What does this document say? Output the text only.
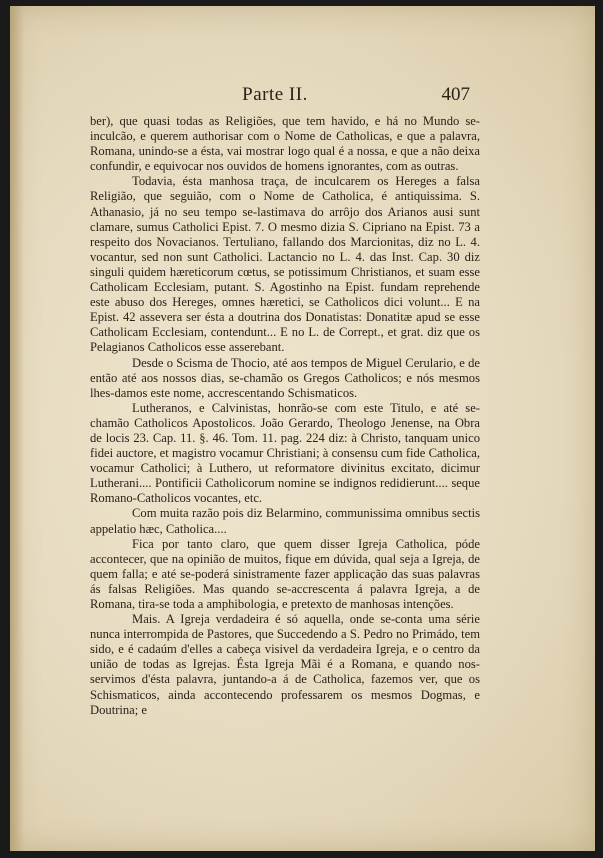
Parte II.	407

ber), que quasi todas as Religiões, que tem havido, e há no Mundo se-inculcão, e querem authorisar com o Nome de Catholicas, e que a palavra, Romana, unindo-se a ésta, vai mostrar logo qual é a nossa, e que a não deixa confundir, e equivocar nos ouvidos de homens ignorantes, com as outras.

Todavia, ésta manhosa traça, de inculcarem os Hereges a falsa Religião, que seguião, com o Nome de Catholica, é antiquissima. S. Athanasio, já no seu tempo se-lastimava do arrôjo dos Arianos ausi sunt clamare, sumus Catholici Epist. 7. O mesmo dizia S. Cipriano na Epist. 73 a respeito dos Novacianos. Tertuliano, fallando dos Marcionitas, diz no L. 4. vocantur, sed non sunt Catholici. Lactancio no L. 4. das Inst. Cap. 30 diz singuli quidem hæreticorum cœtus, se potissimum Christianos, et suam esse Catholicam Ecclesiam, putant. S. Agostinho na Epist. fundam reprehende este abuso dos Hereges, omnes hæretici, se Catholicos dici volunt... E na Epist. 42 assevera ser ésta a doutrina dos Donatistas: Donatitæ apud se esse Catholicam Ecclesiam, contendunt... E no L. de Corrept., et grat. diz que os Pelagianos Catholicos esse asserebant.

Desde o Scisma de Thocio, até aos tempos de Miguel Cerulario, e de então até aos nossos dias, se-chamão os Gregos Catholicos; e nós mesmos lhes-damos este nome, accrescentando Schismaticos.

Lutheranos, e Calvinistas, honrão-se com este Titulo, e até se-chamão Catholicos Apostolicos. João Gerardo, Theologo Jenense, na Obra de locis 23. Cap. 11. §. 46. Tom. 11. pag. 224 diz: à Christo, tanquam unico fidei auctore, et magistro vocamur Christiani; à consensu cum fide Catholica, vocamur Catholici; à Luthero, ut reformatore divinitus excitato, dicimur Lutherani.... Pontificii Catholicorum nomine se indignos redidierunt.... seque Romano-Catholicos vocantes, etc.

Com muita razão pois diz Belarmino, communissima omnibus sectis appelatio hæc, Catholica....

Fica por tanto claro, que quem disser Igreja Catholica, póde accontecer, que na opinião de muitos, fique em dúvida, qual seja a Igreja, de quem falla; e até se-poderá sinistramente fazer applicação das suas palavras ás falsas Religiões. Mas quando se-accrescenta á palavra Igreja, a de Romana, tira-se toda a amphibologia, e pretexto de manhosas intenções.

Mais. A Igreja verdadeira é só aquella, onde se-conta uma série nunca interrompida de Pastores, que Succedendo a S. Pedro no Primádo, tem sido, e é cadaúm d'elles a cabeça visivel da verdadeira Igreja, e o centro da união de todas as Igrejas. Ésta Igreja Mãi é a Romana, e quando nos-servimos d'ésta palavra, juntando-a á de Catholica, fazemos ver, que os Schismaticos, ainda accontecendo professarem os mesmos Dogmas, e Doutrina; e
